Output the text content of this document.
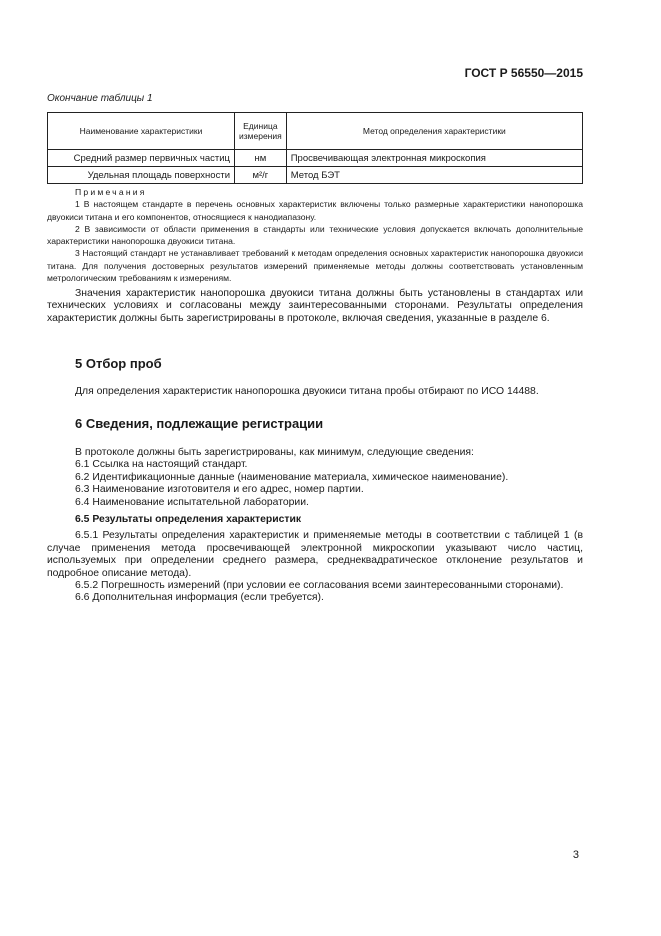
ГОСТ Р 56550—2015
Окончание таблицы 1
Наименование характеристики	Единица измерения	Метод определения характеристики
Средний размер первичных частиц	нм	Просвечивающая электронная микроскопия
Удельная площадь поверхности	м²/г	Метод БЭТ

Примечания

1 В настоящем стандарте в перечень основных характеристик включены только размерные характеристики нанопорошка двуокиси титана и его компонентов, относящиеся к нанодиапазону.

2 В зависимости от области применения в стандарты или технические условия допускается включать дополнительные характеристики нанопорошка двуокиси титана.

3 Настоящий стандарт не устанавливает требований к методам определения основных характеристик нанопорошка двуокиси титана. Для получения достоверных результатов измерений применяемые методы должны соответствовать установленным метрологическим требованиям к измерениям.

Значения характеристик нанопорошка двуокиси титана должны быть установлены в стандартах или технических условиях и согласованы между заинтересованными сторонами. Результаты определения характеристик должны быть зарегистрированы в протоколе, включая сведения, указанные в разделе 6.

5 Отбор проб

Для определения характеристик нанопорошка двуокиси титана пробы отбирают по ИСО 14488.

6 Сведения, подлежащие регистрации

В протоколе должны быть зарегистрированы, как минимум, следующие сведения:

6.1 Ссылка на настоящий стандарт.

6.2 Идентификационные данные (наименование материала, химическое наименование).

6.3 Наименование изготовителя и его адрес, номер партии.

6.4 Наименование испытательной лаборатории.

6.5 Результаты определения характеристик

6.5.1 Результаты определения характеристик и применяемые методы в соответствии с таблицей 1 (в случае применения метода просвечивающей электронной микроскопии указывают число частиц, используемых при определении среднего размера, среднеквадратическое отклонение результатов и подробное описание метода).

6.5.2 Погрешность измерений (при условии ее согласования всеми заинтересованными сторонами).

6.6 Дополнительная информация (если требуется).

3
